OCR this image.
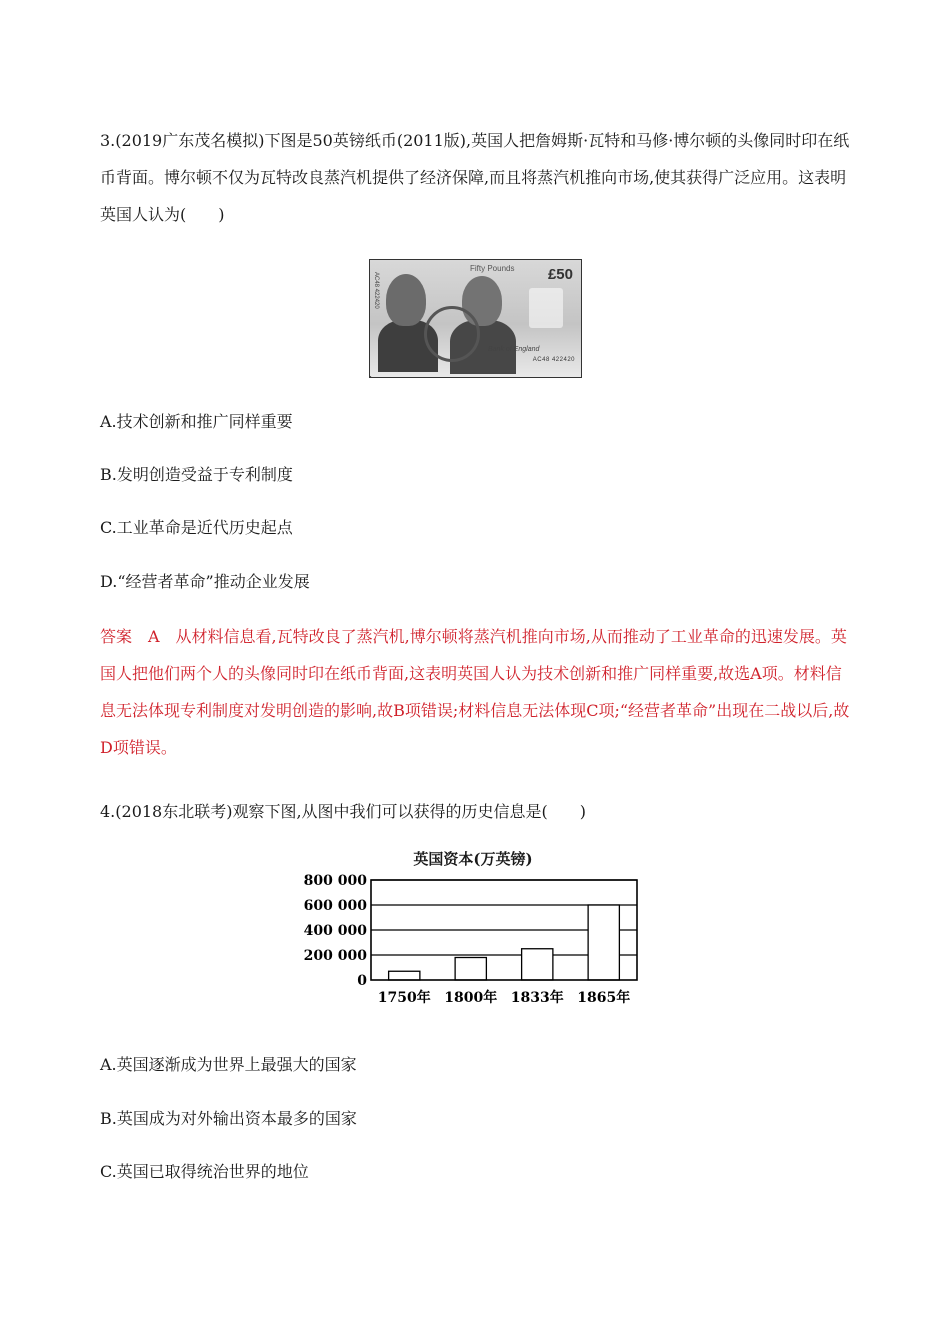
3.(2019广东茂名模拟)下图是50英镑纸币(2011版),英国人把詹姆斯·瓦特和马修·博尔顿的头像同时印在纸币背面。博尔顿不仅为瓦特改良蒸汽机提供了经济保障,而且将蒸汽机推向市场,使其获得广泛应用。这表明英国人认为(　　)

Fifty Pounds £50
AC48 422420
AC48 422420
Bank of England

A.技术创新和推广同样重要

B.发明创造受益于专利制度

C.工业革命是近代历史起点

D.“经营者革命”推动企业发展

答案　A　从材料信息看,瓦特改良了蒸汽机,博尔顿将蒸汽机推向市场,从而推动了工业革命的迅速发展。英国人把他们两个人的头像同时印在纸币背面,这表明英国人认为技术创新和推广同样重要,故选A项。材料信息无法体现专利制度对发明创造的影响,故B项错误;材料信息无法体现C项;“经营者革命”出现在二战以后,故D项错误。

4.(2018东北联考)观察下图,从图中我们可以获得的历史信息是(　　)

英国资本(万英镑)

0
200 000
400 000
600 000
800 000
1750年 1800年 1833年 1865年

A.英国逐渐成为世界上最强大的国家

B.英国成为对外输出资本最多的国家

C.英国已取得统治世界的地位
